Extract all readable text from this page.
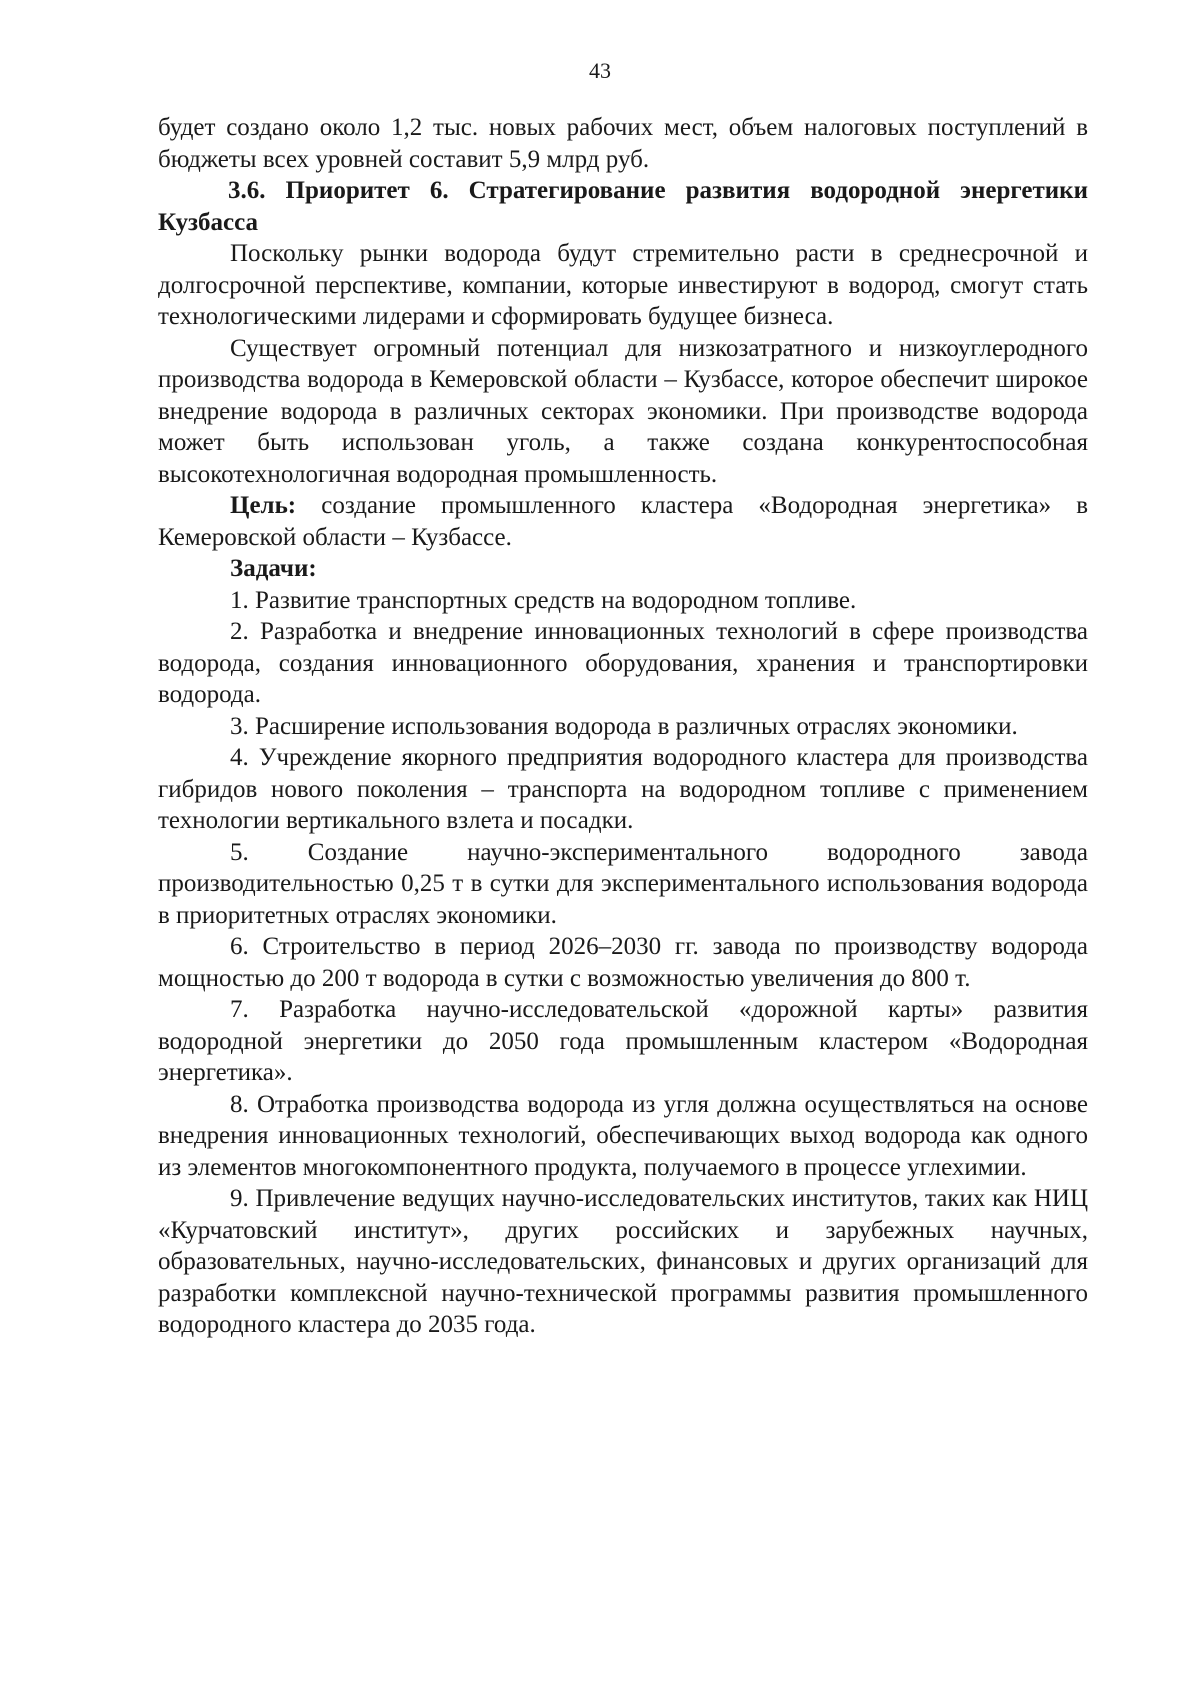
43

будет создано около 1,2 тыс. новых рабочих мест, объем налоговых поступлений в бюджеты всех уровней составит 5,9 млрд руб.

3.6. Приоритет 6. Стратегирование развития водородной энергетики Кузбасса

Поскольку рынки водорода будут стремительно расти в среднесрочной и долгосрочной перспективе, компании, которые инвестируют в водород, смогут стать технологическими лидерами и сформировать будущее бизнеса.

Существует огромный потенциал для низкозатратного и низкоуглеродного производства водорода в Кемеровской области – Кузбассе, которое обеспечит широкое внедрение водорода в различных секторах экономики. При производстве водорода может быть использован уголь, а также создана конкурентоспособная высокотехнологичная водородная промышленность.

Цель: создание промышленного кластера «Водородная энергетика» в Кемеровской области – Кузбассе.

Задачи:

1. Развитие транспортных средств на водородном топливе.

2. Разработка и внедрение инновационных технологий в сфере производства водорода, создания инновационного оборудования, хранения и транспортировки водорода.

3. Расширение использования водорода в различных отраслях экономики.

4. Учреждение якорного предприятия водородного кластера для производства гибридов нового поколения – транспорта на водородном топливе с применением технологии вертикального взлета и посадки.

5. Создание научно-экспериментального водородного завода производительностью 0,25 т в сутки для экспериментального использования водорода в приоритетных отраслях экономики.

6. Строительство в период 2026–2030 гг. завода по производству водорода мощностью до 200 т водорода в сутки с возможностью увеличения до 800 т.

7. Разработка научно-исследовательской «дорожной карты» развития водородной энергетики до 2050 года промышленным кластером «Водородная энергетика».

8. Отработка производства водорода из угля должна осуществляться на основе внедрения инновационных технологий, обеспечивающих выход водорода как одного из элементов многокомпонентного продукта, получаемого в процессе углехимии.

9. Привлечение ведущих научно-исследовательских институтов, таких как НИЦ «Курчатовский институт», других российских и зарубежных научных, образовательных, научно-исследовательских, финансовых и других организаций для разработки комплексной научно-технической программы развития промышленного водородного кластера до 2035 года.
